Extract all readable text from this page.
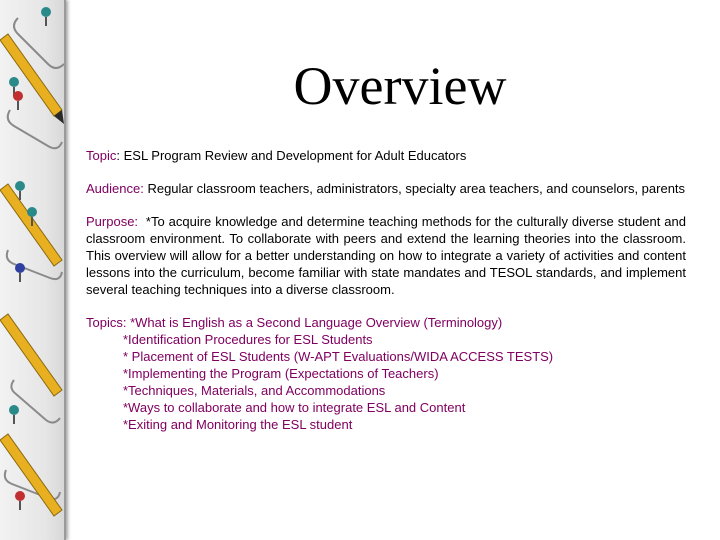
Overview

Topic: ESL Program Review and Development for Adult Educators

Audience: Regular classroom teachers, administrators, specialty area teachers, and counselors, parents

Purpose: *To acquire knowledge and determine teaching methods for the culturally diverse student and classroom environment. To collaborate with peers and extend the learning theories into the classroom. This overview will allow for a better understanding on how to integrate a variety of activities and content lessons into the curriculum, become familiar with state mandates and TESOL standards, and implement several teaching techniques into a diverse classroom.

Topics: *What is English as a Second Language Overview (Terminology)
*Identification Procedures for ESL Students
* Placement of ESL Students (W-APT Evaluations/WIDA ACCESS TESTS)
*Implementing the Program (Expectations of Teachers)
*Techniques, Materials, and Accommodations
*Ways to collaborate and how to integrate ESL and Content
*Exiting and Monitoring the ESL student
